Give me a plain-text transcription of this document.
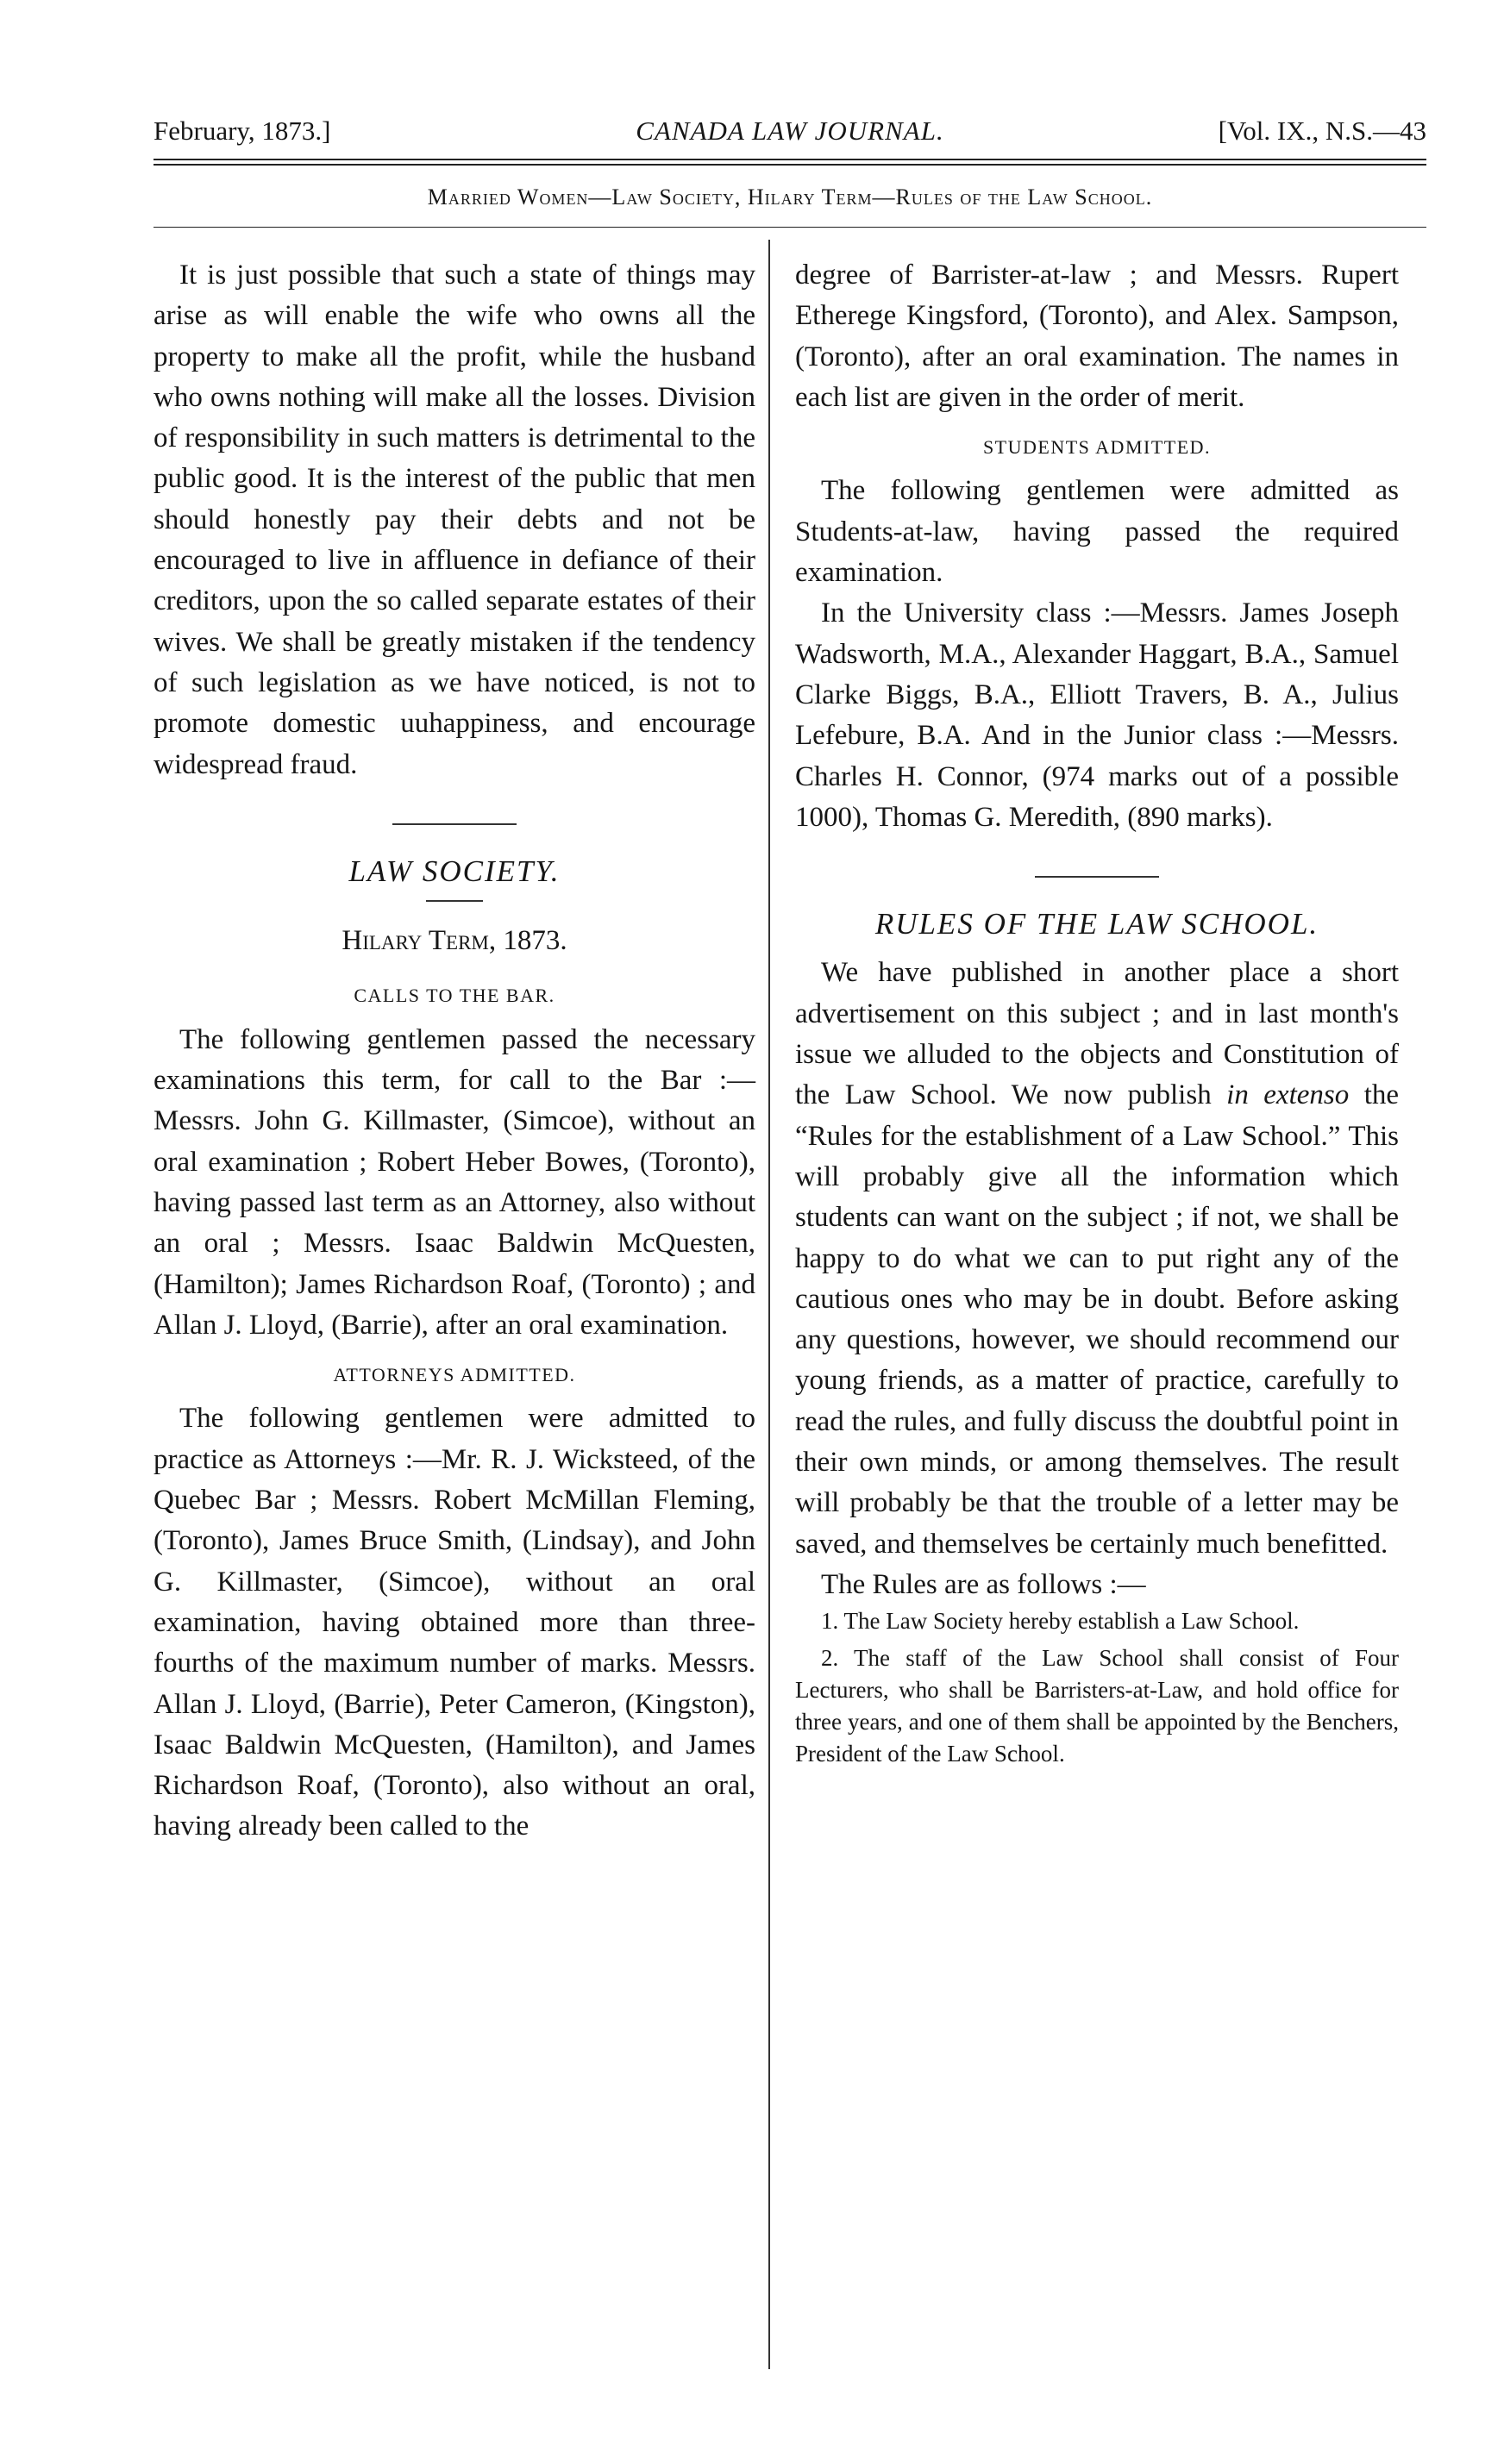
February, 1873.]	CANADA LAW JOURNAL.	[Vol. IX., N.S.—43
Married Women—Law Society, Hilary Term—Rules of the Law School.

It is just possible that such a state of things may arise as will enable the wife who owns all the property to make all the profit, while the husband who owns nothing will make all the losses. Division of responsibility in such matters is detrimental to the public good. It is the interest of the public that men should honestly pay their debts and not be encouraged to live in affluence in defiance of their creditors, upon the so called separate estates of their wives. We shall be greatly mistaken if the tendency of such legislation as we have noticed, is not to promote domestic uuhappiness, and encourage widespread fraud.

LAW SOCIETY.
Hilary Term, 1873.
CALLS TO THE BAR.

The following gentlemen passed the necessary examinations this term, for call to the Bar :—Messrs. John G. Killmaster, (Simcoe), without an oral examination ; Robert Heber Bowes, (Toronto), having passed last term as an Attorney, also without an oral ; Messrs. Isaac Baldwin McQuesten, (Hamilton); James Richardson Roaf, (Toronto) ; and Allan J. Lloyd, (Barrie), after an oral examination.

ATTORNEYS ADMITTED.

The following gentlemen were admitted to practice as Attorneys :—Mr. R. J. Wicksteed, of the Quebec Bar ; Messrs. Robert McMillan Fleming, (Toronto), James Bruce Smith, (Lindsay), and John G. Killmaster, (Simcoe), without an oral examination, having obtained more than three-fourths of the maximum number of marks. Messrs. Allan J. Lloyd, (Barrie), Peter Cameron, (Kingston), Isaac Baldwin McQuesten, (Hamilton), and James Richardson Roaf, (Toronto), also without an oral, having already been called to the

degree of Barrister-at-law ; and Messrs. Rupert Etherege Kingsford, (Toronto), and Alex. Sampson, (Toronto), after an oral examination. The names in each list are given in the order of merit.

STUDENTS ADMITTED.

The following gentlemen were admitted as Students-at-law, having passed the required examination.

In the University class :—Messrs. James Joseph Wadsworth, M.A., Alexander Haggart, B.A., Samuel Clarke Biggs, B.A., Elliott Travers, B. A., Julius Lefebure, B.A. And in the Junior class :—Messrs. Charles H. Connor, (974 marks out of a possible 1000), Thomas G. Meredith, (890 marks).

RULES OF THE LAW SCHOOL.

We have published in another place a short advertisement on this subject ; and in last month's issue we alluded to the objects and Constitution of the Law School. We now publish in extenso the “Rules for the establishment of a Law School.” This will probably give all the information which students can want on the subject ; if not, we shall be happy to do what we can to put right any of the cautious ones who may be in doubt. Before asking any questions, however, we should recommend our young friends, as a matter of practice, carefully to read the rules, and fully discuss the doubtful point in their own minds, or among themselves. The result will probably be that the trouble of a letter may be saved, and themselves be certainly much benefitted.

The Rules are as follows :—

1. The Law Society hereby establish a Law School.

2. The staff of the Law School shall consist of Four Lecturers, who shall be Barristers-at-Law, and hold office for three years, and one of them shall be appointed by the Benchers, President of the Law School.
